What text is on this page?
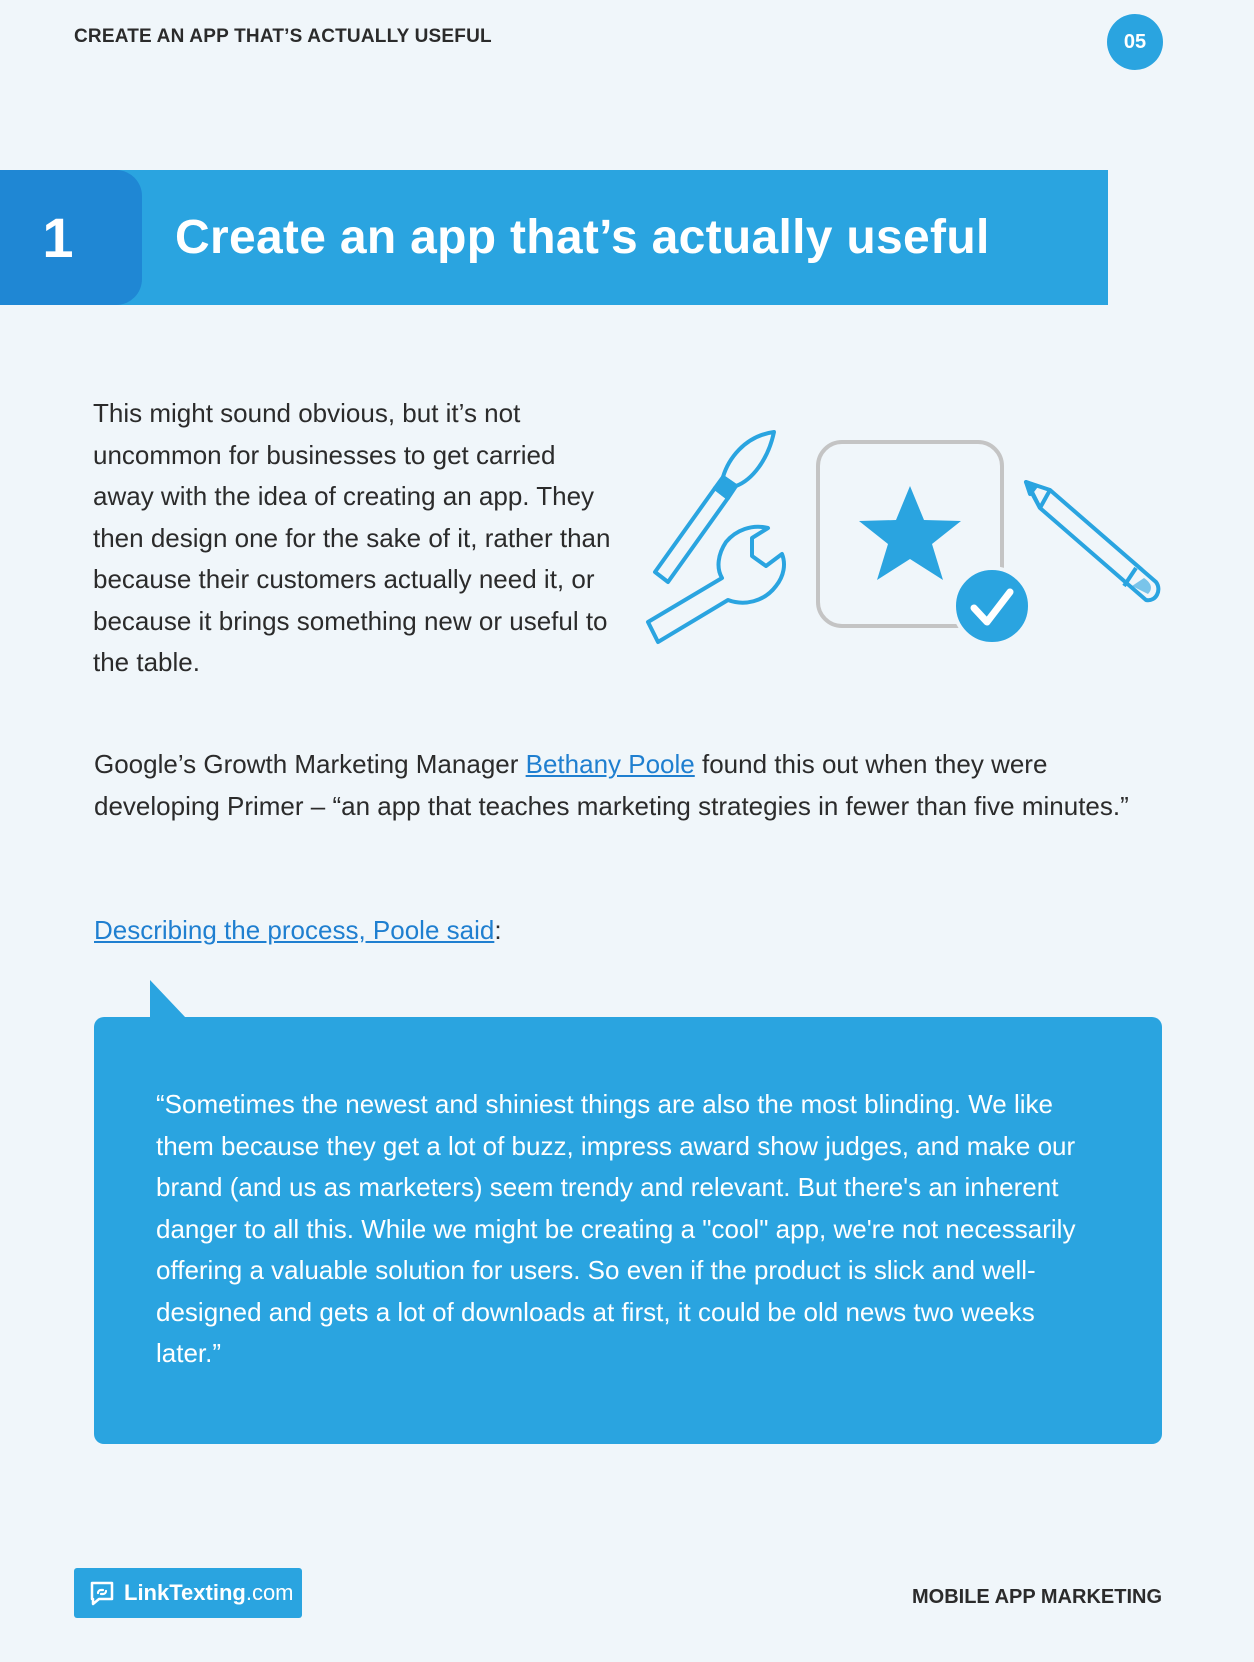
CREATE AN APP THAT’S ACTUALLY USEFUL	05
1	Create an app that’s actually useful

This might sound obvious, but it’s not uncommon for businesses to get carried away with the idea of creating an app. They then design one for the sake of it, rather than because their customers actually need it, or because it brings something new or useful to the table.

Google’s Growth Marketing Manager Bethany Poole found this out when they were developing Primer – “an app that teaches marketing strategies in fewer than five minutes.”

Describing the process, Poole said:

“Sometimes the newest and shiniest things are also the most blinding. We like them because they get a lot of buzz, impress award show judges, and make our brand (and us as marketers) seem trendy and relevant. But there's an inherent danger to all this. While we might be creating a "cool" app, we're not necessarily offering a valuable solution for users. So even if the product is slick and well-designed and gets a lot of downloads at first, it could be old news two weeks later.”

LinkTexting .com	MOBILE APP MARKETING
